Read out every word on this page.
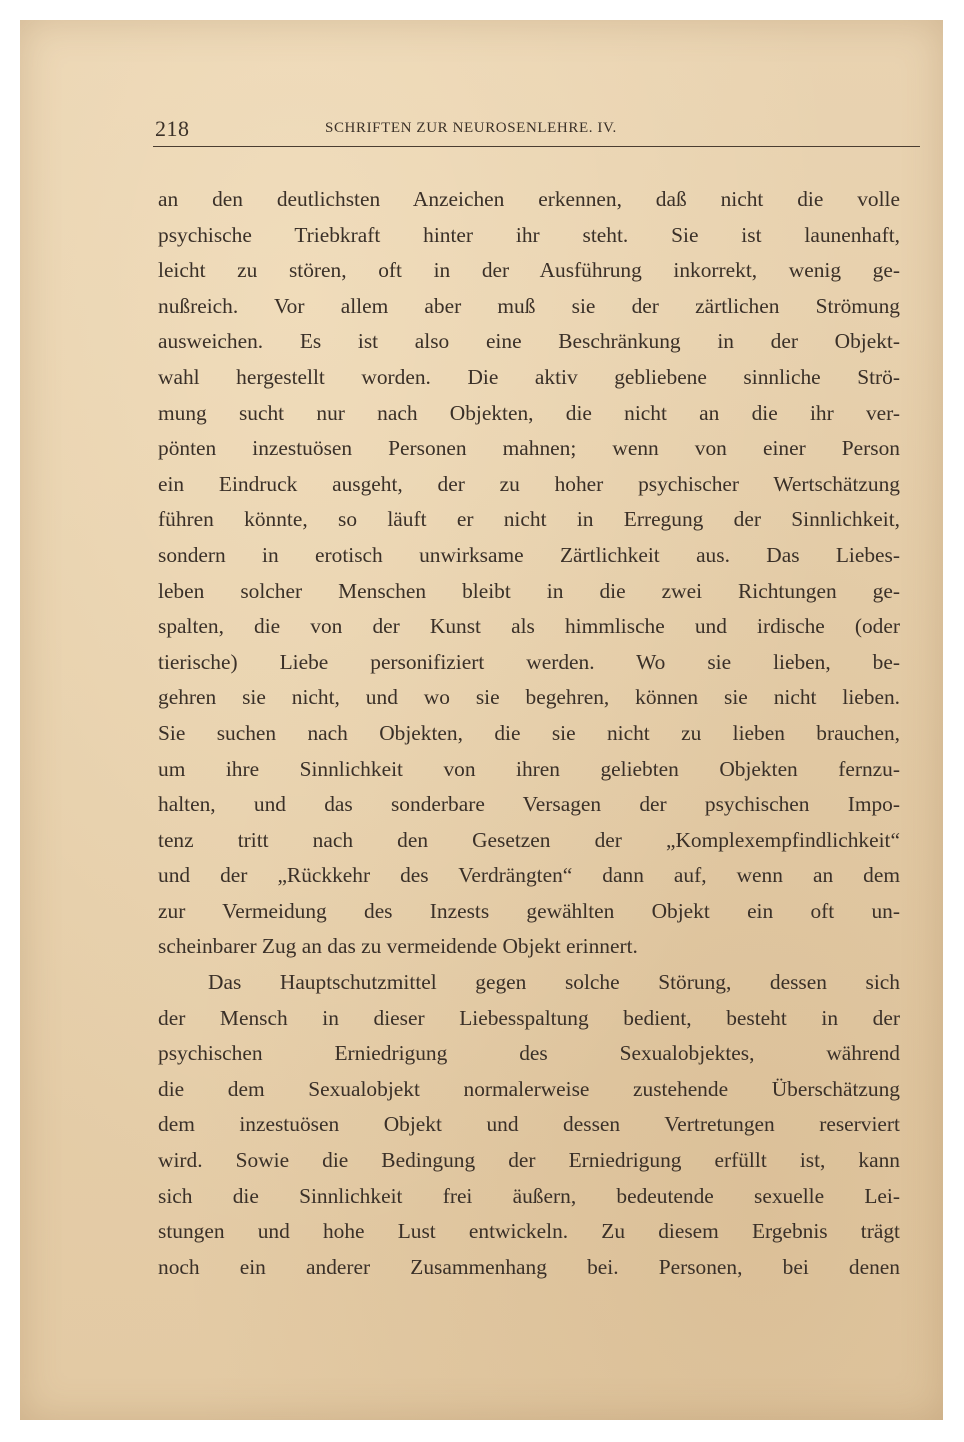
218	SCHRIFTEN ZUR NEUROSENLEHRE. IV.
an den deutlichsten Anzeichen erkennen, daß nicht die volle
psychische Triebkraft hinter ihr steht. Sie ist launenhaft,
leicht zu stören, oft in der Ausführung inkorrekt, wenig ge-
nußreich. Vor allem aber muß sie der zärtlichen Strömung
ausweichen. Es ist also eine Beschränkung in der Objekt-
wahl hergestellt worden. Die aktiv gebliebene sinnliche Strö-
mung sucht nur nach Objekten, die nicht an die ihr ver-
pönten inzestuösen Personen mahnen; wenn von einer Person
ein Eindruck ausgeht, der zu hoher psychischer Wertschätzung
führen könnte, so läuft er nicht in Erregung der Sinnlichkeit,
sondern in erotisch unwirksame Zärtlichkeit aus. Das Liebes-
leben solcher Menschen bleibt in die zwei Richtungen ge-
spalten, die von der Kunst als himmlische und irdische (oder
tierische) Liebe personifiziert werden. Wo sie lieben, be-
gehren sie nicht, und wo sie begehren, können sie nicht lieben.
Sie suchen nach Objekten, die sie nicht zu lieben brauchen,
um ihre Sinnlichkeit von ihren geliebten Objekten fernzu-
halten, und das sonderbare Versagen der psychischen Impo-
tenz tritt nach den Gesetzen der „Komplexempfindlichkeit“
und der „Rückkehr des Verdrängten“ dann auf, wenn an dem
zur Vermeidung des Inzests gewählten Objekt ein oft un-
scheinbarer Zug an das zu vermeidende Objekt erinnert.
Das Hauptschutzmittel gegen solche Störung, dessen sich
der Mensch in dieser Liebesspaltung bedient, besteht in der
psychischen Erniedrigung des Sexualobjektes, während
die dem Sexualobjekt normalerweise zustehende Überschätzung
dem inzestuösen Objekt und dessen Vertretungen reserviert
wird. Sowie die Bedingung der Erniedrigung erfüllt ist, kann
sich die Sinnlichkeit frei äußern, bedeutende sexuelle Lei-
stungen und hohe Lust entwickeln. Zu diesem Ergebnis trägt
noch ein anderer Zusammenhang bei. Personen, bei denen
